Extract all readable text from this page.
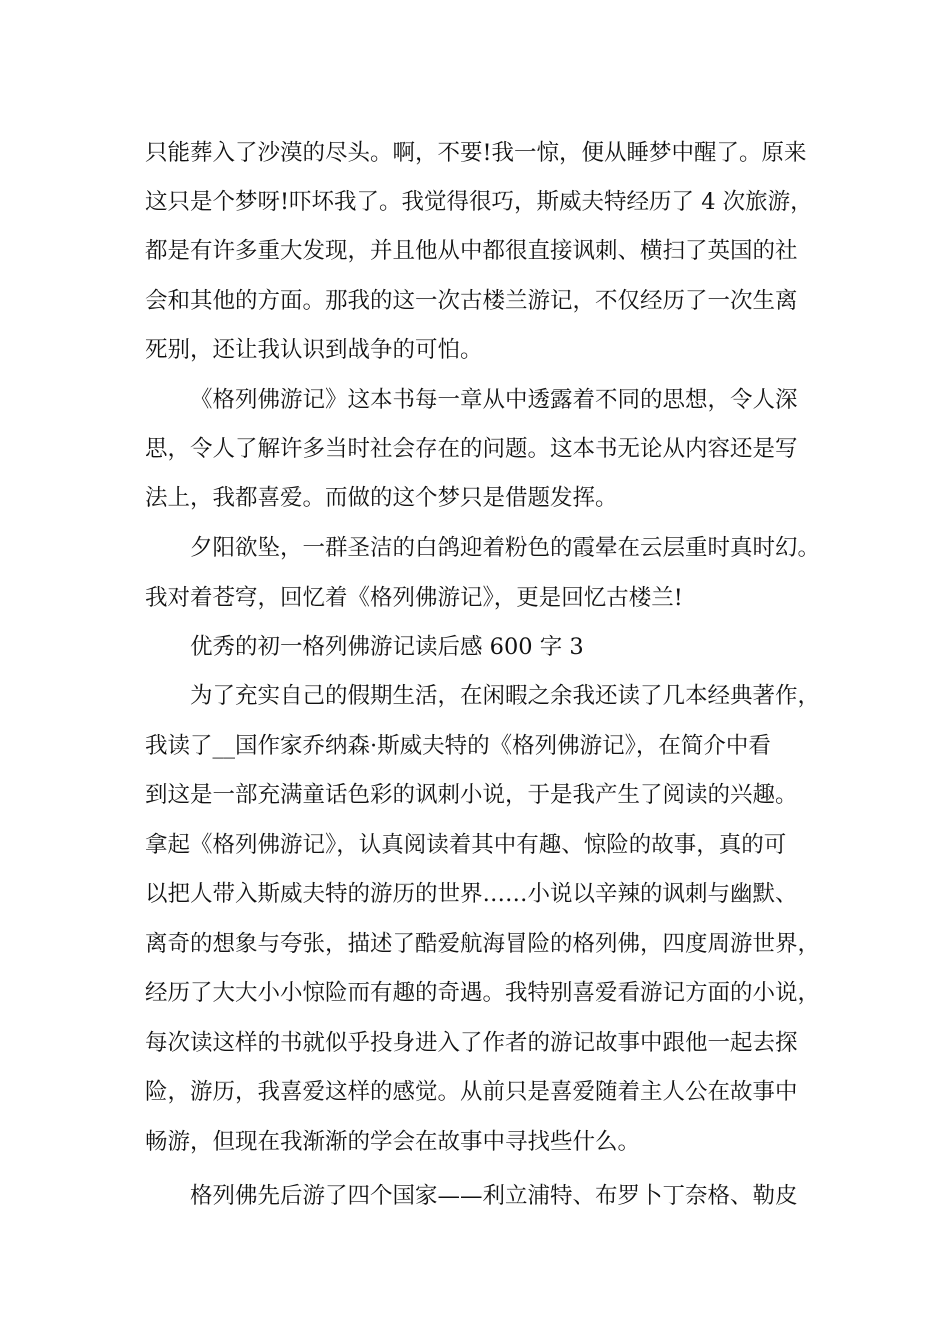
只能葬入了沙漠的尽头。啊，不要!我一惊，便从睡梦中醒了。原来
这只是个梦呀!吓坏我了。我觉得很巧，斯威夫特经历了 4 次旅游，
都是有许多重大发现，并且他从中都很直接讽刺、横扫了英国的社
会和其他的方面。那我的这一次古楼兰游记，不仅经历了一次生离
死别，还让我认识到战争的可怕。
《格列佛游记》这本书每一章从中透露着不同的思想，令人深
思，令人了解许多当时社会存在的问题。这本书无论从内容还是写
法上，我都喜爱。而做的这个梦只是借题发挥。
夕阳欲坠，一群圣洁的白鸽迎着粉色的霞晕在云层重时真时幻。
我对着苍穹，回忆着《格列佛游记》，更是回忆古楼兰!
优秀的初一格列佛游记读后感 600 字 3
为了充实自己的假期生活，在闲暇之余我还读了几本经典著作，
我读了__国作家乔纳森·斯威夫特的《格列佛游记》，在简介中看
到这是一部充满童话色彩的讽刺小说，于是我产生了阅读的兴趣。
拿起《格列佛游记》，认真阅读着其中有趣、惊险的故事，真的可
以把人带入斯威夫特的游历的世界……小说以辛辣的讽刺与幽默、
离奇的想象与夸张，描述了酷爱航海冒险的格列佛，四度周游世界，
经历了大大小小惊险而有趣的奇遇。我特别喜爱看游记方面的小说，
每次读这样的书就似乎投身进入了作者的游记故事中跟他一起去探
险，游历，我喜爱这样的感觉。从前只是喜爱随着主人公在故事中
畅游，但现在我渐渐的学会在故事中寻找些什么。
格列佛先后游了四个国家——利立浦特、布罗卜丁奈格、勒皮
